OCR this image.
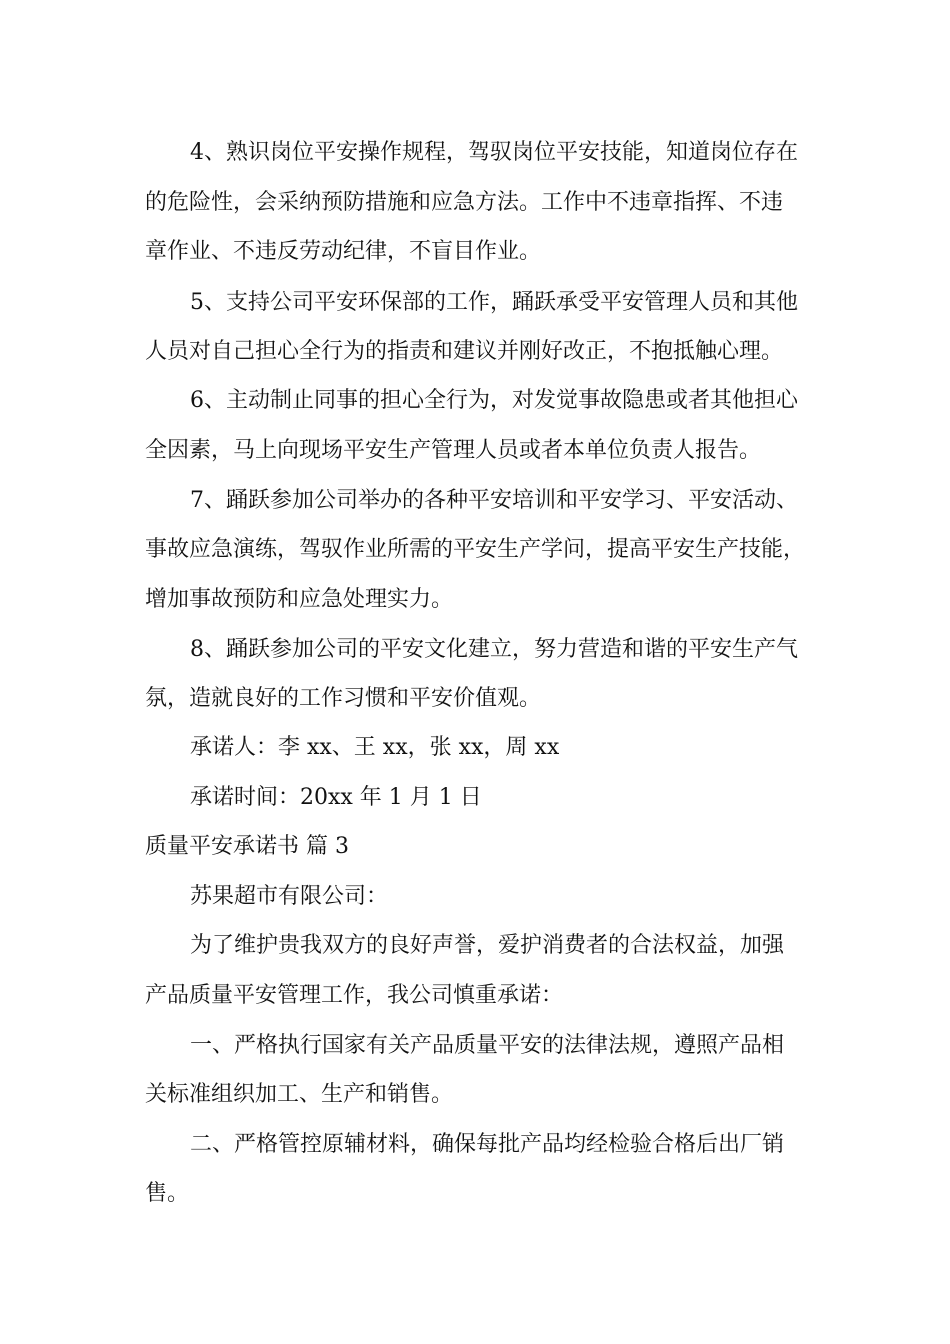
4、熟识岗位平安操作规程，驾驭岗位平安技能，知道岗位存在
的危险性，会采纳预防措施和应急方法。工作中不违章指挥、不违
章作业、不违反劳动纪律，不盲目作业。
5、支持公司平安环保部的工作，踊跃承受平安管理人员和其他
人员对自己担心全行为的指责和建议并刚好改正，不抱抵触心理。
6、主动制止同事的担心全行为，对发觉事故隐患或者其他担心
全因素，马上向现场平安生产管理人员或者本单位负责人报告。
7、踊跃参加公司举办的各种平安培训和平安学习、平安活动、
事故应急演练，驾驭作业所需的平安生产学问，提高平安生产技能，
增加事故预防和应急处理实力。
8、踊跃参加公司的平安文化建立，努力营造和谐的平安生产气
氛，造就良好的工作习惯和平安价值观。
承诺人：李 xx、王 xx，张 xx，周 xx
承诺时间：20xx 年 1 月 1 日
质量平安承诺书 篇 3
苏果超市有限公司：
为了维护贵我双方的良好声誉，爱护消费者的合法权益，加强
产品质量平安管理工作，我公司慎重承诺：
一、严格执行国家有关产品质量平安的法律法规，遵照产品相
关标准组织加工、生产和销售。
二、严格管控原辅材料，确保每批产品均经检验合格后出厂销
售。
